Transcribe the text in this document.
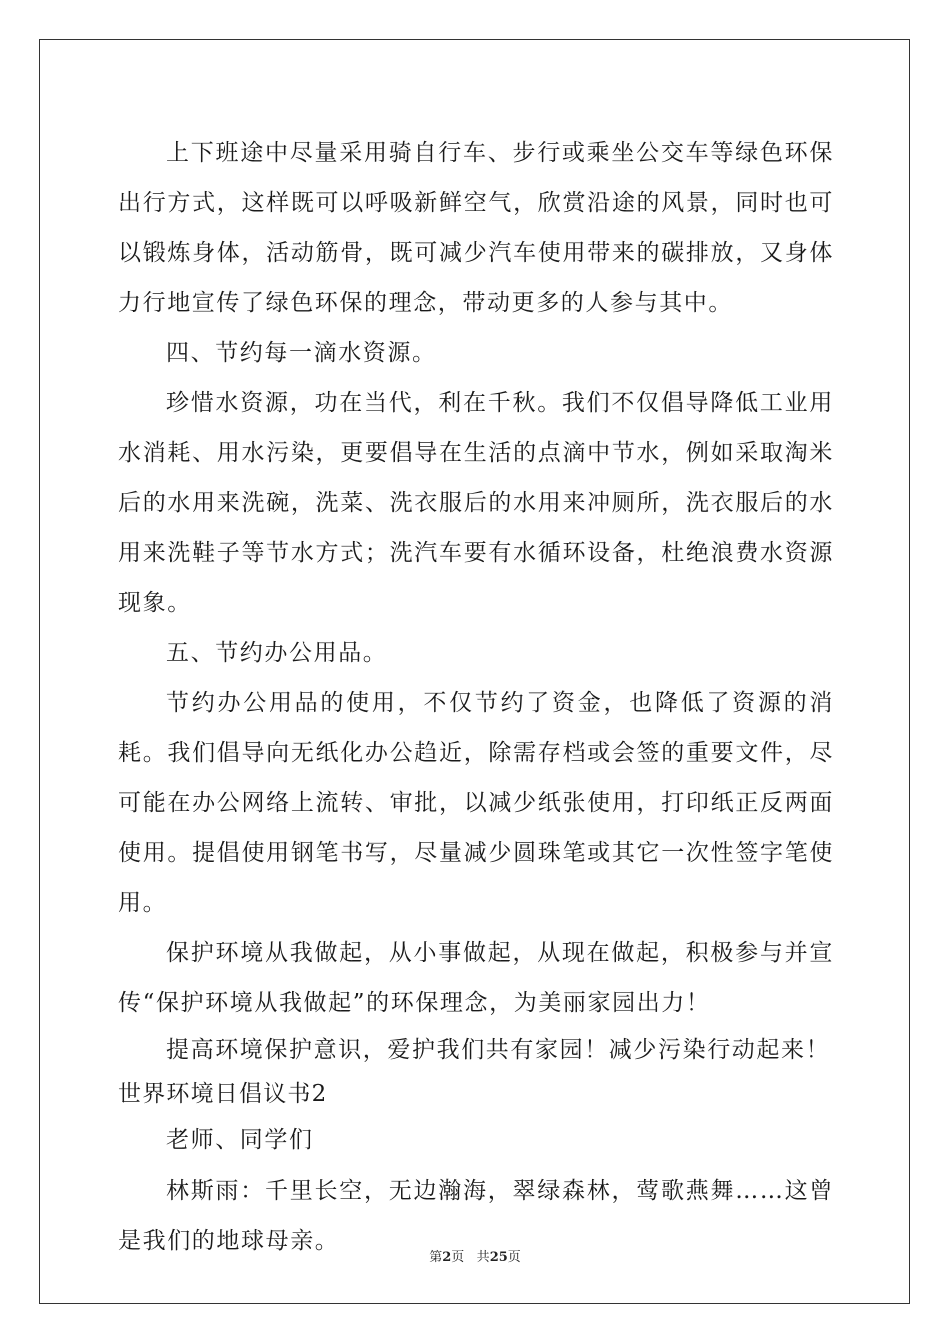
上下班途中尽量采用骑自行车、步行或乘坐公交车等绿色环保出行方式，这样既可以呼吸新鲜空气，欣赏沿途的风景，同时也可以锻炼身体，活动筋骨，既可减少汽车使用带来的碳排放，又身体力行地宣传了绿色环保的理念，带动更多的人参与其中。

四、节约每一滴水资源。

珍惜水资源，功在当代，利在千秋。我们不仅倡导降低工业用水消耗、用水污染，更要倡导在生活的点滴中节水，例如采取淘米后的水用来洗碗，洗菜、洗衣服后的水用来冲厕所，洗衣服后的水用来洗鞋子等节水方式；洗汽车要有水循环设备，杜绝浪费水资源现象。

五、节约办公用品。

节约办公用品的使用，不仅节约了资金，也降低了资源的消耗。我们倡导向无纸化办公趋近，除需存档或会签的重要文件，尽可能在办公网络上流转、审批，以减少纸张使用，打印纸正反两面使用。提倡使用钢笔书写，尽量减少圆珠笔或其它一次性签字笔使用。

保护环境从我做起，从小事做起，从现在做起，积极参与并宣传“保护环境从我做起”的环保理念，为美丽家园出力！

提高环境保护意识，爱护我们共有家园！减少污染行动起来！

世界环境日倡议书2

老师、同学们

林斯雨：千里长空，无边瀚海，翠绿森林，莺歌燕舞……这曾是我们的地球母亲。

第2页 共25页
